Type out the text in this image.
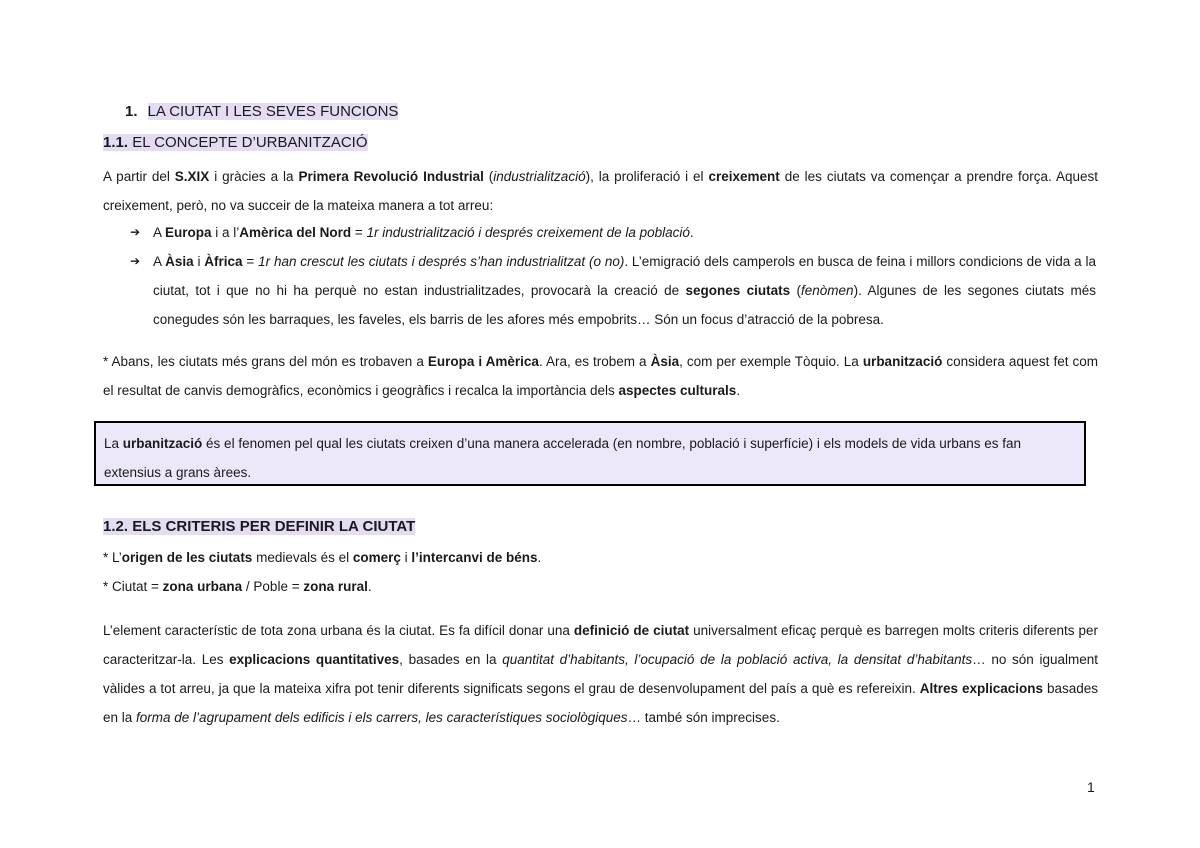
1. LA CIUTAT I LES SEVES FUNCIONS
1.1. EL CONCEPTE D’URBANITZACIÓ
A partir del S.XIX i gràcies a la Primera Revolució Industrial (industrialització), la proliferació i el creixement de les ciutats va començar a prendre força. Aquest creixement, però, no va succeir de la mateixa manera a tot arreu:
➔ A Europa i a l’Amèrica del Nord = 1r industrialització i després creixement de la població.
➔ A Àsia i Àfrica = 1r han crescut les ciutats i després s’han industrialitzat (o no). L’emigració dels camperols en busca de feina i millors condicions de vida a la ciutat, tot i que no hi ha perquè no estan industrialitzades, provocarà la creació de segones ciutats (fenòmen). Algunes de les segones ciutats més conegudes són les barraques, les faveles, els barris de les afores més empobrits… Són un focus d’atracció de la pobresa.
* Abans, les ciutats més grans del món es trobaven a Europa i Amèrica. Ara, es trobem a Àsia, com per exemple Tòquio. La urbanització considera aquest fet com el resultat de canvis demogràfics, econòmics i geogràfics i recalca la importància dels aspectes culturals.
La urbanització és el fenomen pel qual les ciutats creixen d’una manera accelerada (en nombre, població i superfície) i els models de vida urbans es fan extensius a grans àrees.
1.2. ELS CRITERIS PER DEFINIR LA CIUTAT
* L’origen de les ciutats medievals és el comerç i l’intercanvi de béns.
* Ciutat = zona urbana / Poble = zona rural.
L’element característic de tota zona urbana és la ciutat. Es fa difícil donar una definició de ciutat universalment eficaç perquè es barregen molts criteris diferents per caracteritzar-la. Les explicacions quantitatives, basades en la quantitat d’habitants, l’ocupació de la població activa, la densitat d’habitants… no són igualment vàlides a tot arreu, ja que la mateixa xifra pot tenir diferents significats segons el grau de desenvolupament del país a què es refereixin. Altres explicacions basades en la forma de l’agrupament dels edificis i els carrers, les característiques sociològiques… també són imprecises.
1
